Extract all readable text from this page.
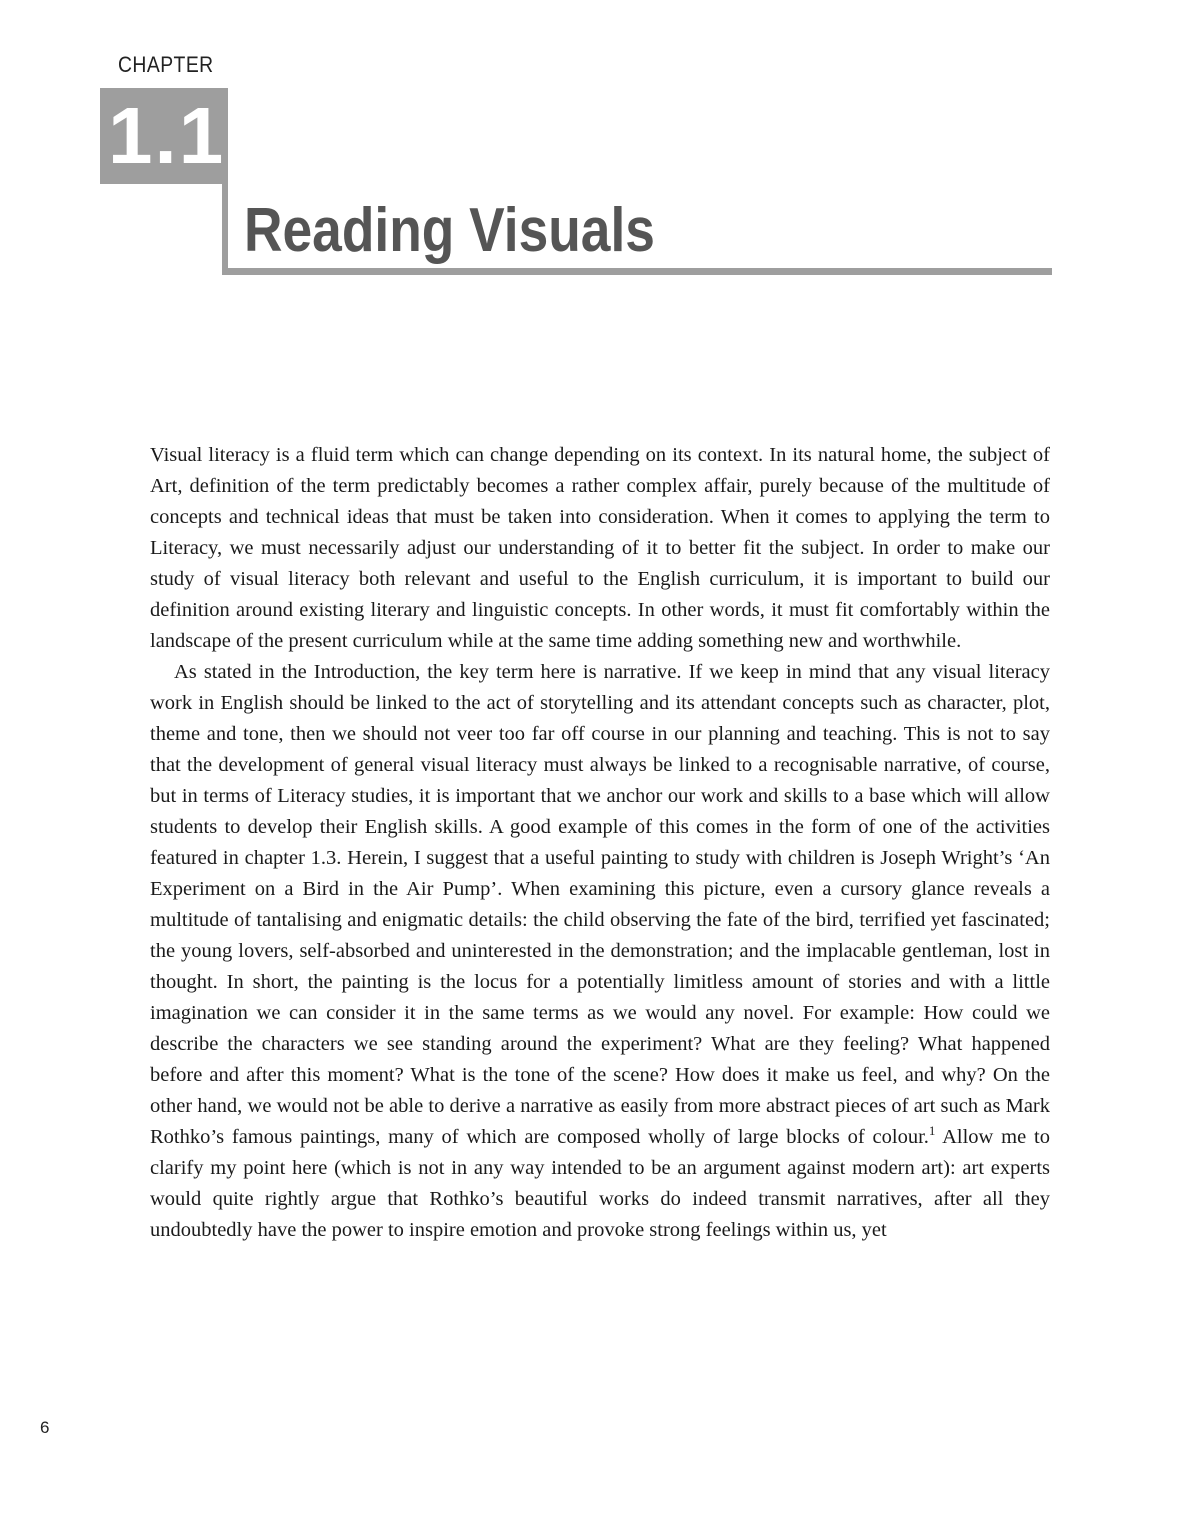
CHAPTER
1.1
Reading Visuals

Visual literacy is a fluid term which can change depending on its context. In its natural home, the subject of Art, definition of the term predictably becomes a rather complex affair, purely because of the multitude of concepts and technical ideas that must be taken into consideration. When it comes to applying the term to Literacy, we must necessarily adjust our understanding of it to better fit the subject. In order to make our study of visual literacy both relevant and useful to the English curriculum, it is important to build our definition around existing literary and linguistic concepts. In other words, it must fit comfortably within the landscape of the present curriculum while at the same time adding something new and worthwhile.

As stated in the Introduction, the key term here is narrative. If we keep in mind that any visual literacy work in English should be linked to the act of storytelling and its attendant concepts such as character, plot, theme and tone, then we should not veer too far off course in our planning and teaching. This is not to say that the development of general visual literacy must always be linked to a recognisable narrative, of course, but in terms of Literacy studies, it is important that we anchor our work and skills to a base which will allow students to develop their English skills. A good example of this comes in the form of one of the activities featured in chapter 1.3. Herein, I suggest that a useful painting to study with children is Joseph Wright’s ‘An Experiment on a Bird in the Air Pump’. When examining this picture, even a cursory glance reveals a multitude of tantalising and enigmatic details: the child observing the fate of the bird, terrified yet fascinated; the young lovers, self-absorbed and uninterested in the demonstration; and the implacable gentleman, lost in thought. In short, the painting is the locus for a potentially limitless amount of stories and with a little imagination we can consider it in the same terms as we would any novel. For example: How could we describe the characters we see standing around the experiment? What are they feeling? What happened before and after this moment? What is the tone of the scene? How does it make us feel, and why? On the other hand, we would not be able to derive a narrative as easily from more abstract pieces of art such as Mark Rothko’s famous paintings, many of which are composed wholly of large blocks of colour.$^1$ Allow me to clarify my point here (which is not in any way intended to be an argument against modern art): art experts would quite rightly argue that Rothko’s beautiful works do indeed transmit narratives, after all they undoubtedly have the power to inspire emotion and provoke strong feelings within us, yet

6
